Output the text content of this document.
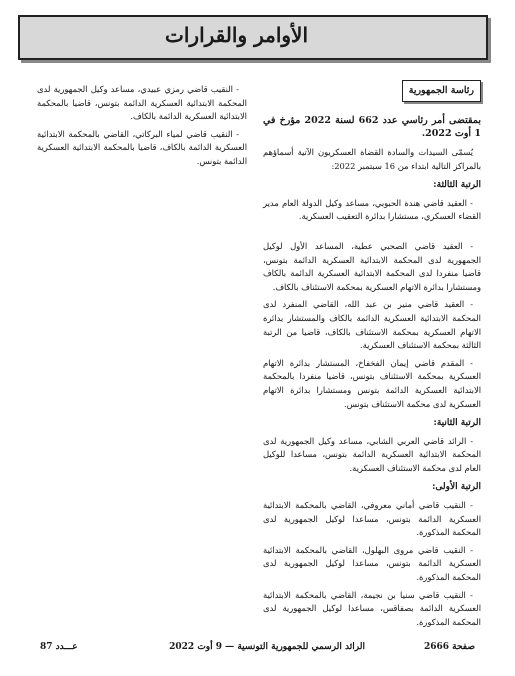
الأوامر والقرارات
رئاسة الجمهورية
بمقتضى أمر رئاسي عدد 662 لسنة 2022 مؤرخ في 1 أوت 2022.

يُسمّى السيدات والسادة القضاة العسكريون الآتية أسماؤهم بالمراكز التالية ابتداء من 16 سبتمبر 2022:

الرتبة الثالثة:

- العقيد قاضي هندة الحبوبي، مساعد وكيل الدولة العام مدير القضاء العسكري، مستشارا بدائرة التعقيب العسكرية.

- العقيد قاضي الصحبي عطية، المساعد الأول لوكيل الجمهورية لدى المحكمة الابتدائية العسكرية الدائمة بتونس، قاضيا منفردا لدى المحكمة الابتدائية العسكرية الدائمة بالكاف ومستشارا بدائرة الاتهام العسكرية بمحكمة الاستئناف بالكاف.

- العقيد قاضي منير بن عبد الله، القاضي المنفرد لدى المحكمة الابتدائية العسكرية الدائمة بالكاف والمستشار بدائرة الاتهام العسكرية بمحكمة الاستئناف بالكاف، قاضيا من الرتبة الثالثة بمحكمة الاستئناف العسكرية.

- المقدم قاضي إيمان الفخفاخ، المستشار بدائرة الاتهام العسكرية بمحكمة الاستئناف بتونس، قاضيا منفردا بالمحكمة الابتدائية العسكرية الدائمة بتونس ومستشارا بدائرة الاتهام العسكرية لدى محكمة الاستئناف بتونس.

الرتبة الثانية:

- الرائد قاضي العربي الشابي، مساعد وكيل الجمهورية لدى المحكمة الابتدائية العسكرية الدائمة بتونس، مساعدا للوكيل العام لدى محكمة الاستئناف العسكرية.

الرتبة الأولى:

- النقيب قاضي أماني معروفي، القاضي بالمحكمة الابتدائية العسكرية الدائمة بتونس، مساعدا لوكيل الجمهورية لدى المحكمة المذكورة.

- النقيب قاضي مروى البهلول، القاضي بالمحكمة الابتدائية العسكرية الدائمة بتونس، مساعدا لوكيل الجمهورية لدى المحكمة المذكورة.

- النقيب قاضي سنيا بن نجيمة، القاضي بالمحكمة الابتدائية العسكرية الدائمة بصفاقس، مساعدا لوكيل الجمهورية لدى المحكمة المذكورة.

- النقيب قاضي رمزي عبيدي، مساعد وكيل الجمهورية لدى المحكمة الابتدائية العسكرية الدائمة بتونس، قاضيا بالمحكمة الابتدائية العسكرية الدائمة بالكاف.

- النقيب قاضي لمياء البركاتي، القاضي بالمحكمة الابتدائية العسكرية الدائمة بالكاف، قاضيا بالمحكمة الابتدائية العسكرية الدائمة بتونس.

صفحة 2666
الرائد الرسمي للجمهورية التونسية — 9 أوت 2022
عـــدد 87
